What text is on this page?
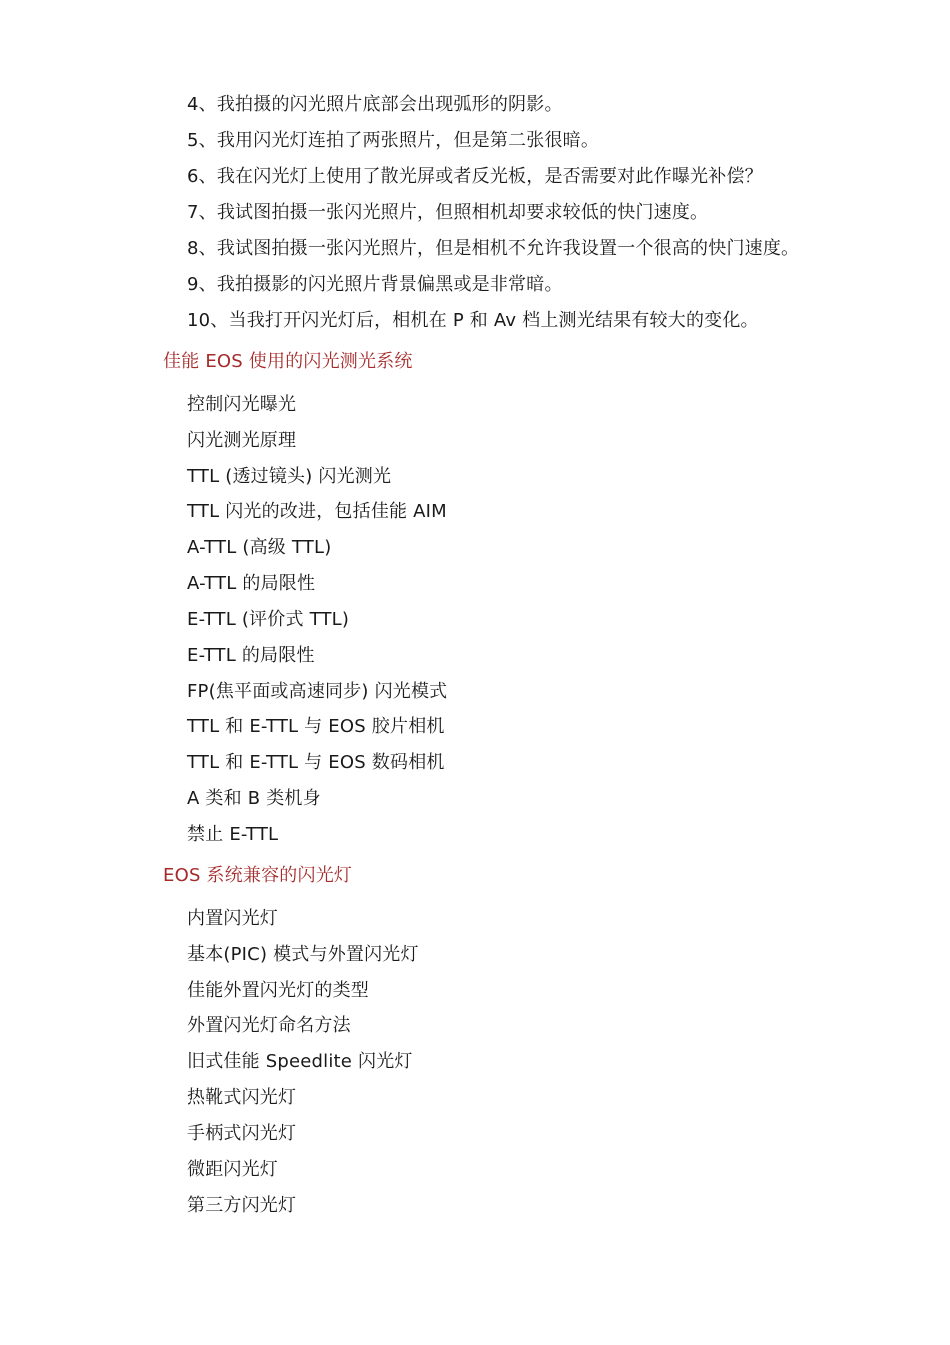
4、我拍摄的闪光照片底部会出现弧形的阴影。
5、我用闪光灯连拍了两张照片，但是第二张很暗。
6、我在闪光灯上使用了散光屏或者反光板，是否需要对此作曝光补偿？
7、我试图拍摄一张闪光照片，但照相机却要求较低的快门速度。
8、我试图拍摄一张闪光照片，但是相机不允许我设置一个很高的快门速度。
9、我拍摄影的闪光照片背景偏黑或是非常暗。
10、当我打开闪光灯后，相机在 P 和 Av 档上测光结果有较大的变化。
佳能 EOS 使用的闪光测光系统
控制闪光曝光
闪光测光原理
TTL (透过镜头) 闪光测光
TTL 闪光的改进，包括佳能 AIM
A-TTL (高级 TTL)
A-TTL 的局限性
E-TTL (评价式 TTL)
E-TTL 的局限性
FP(焦平面或高速同步) 闪光模式
TTL 和 E-TTL 与 EOS 胶片相机
TTL 和 E-TTL 与 EOS 数码相机
A 类和 B 类机身
禁止 E-TTL
EOS 系统兼容的闪光灯
内置闪光灯
基本(PIC) 模式与外置闪光灯
佳能外置闪光灯的类型
外置闪光灯命名方法
旧式佳能 Speedlite 闪光灯
热靴式闪光灯
手柄式闪光灯
微距闪光灯
第三方闪光灯
